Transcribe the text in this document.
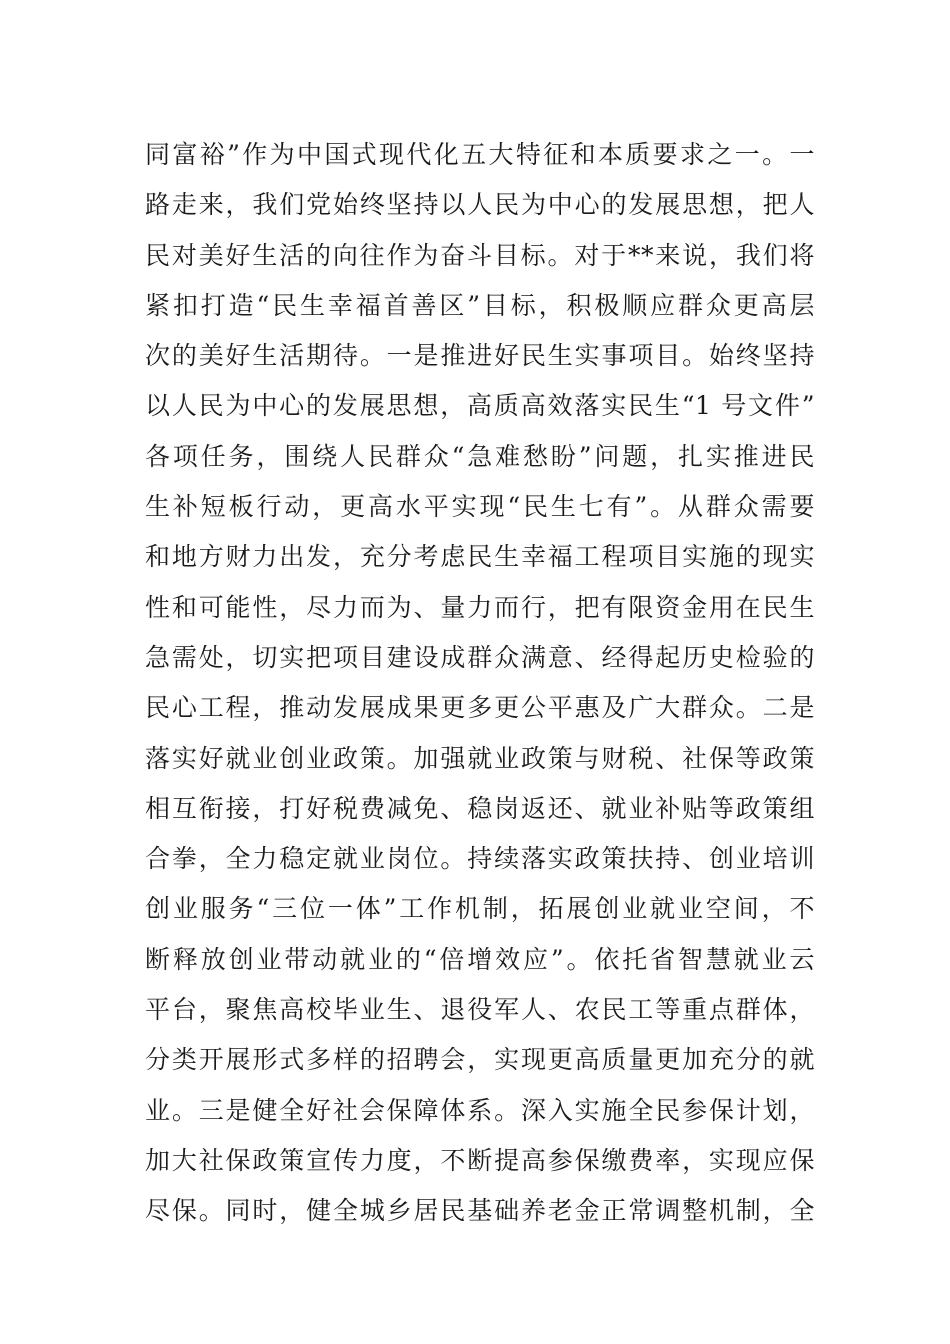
同富裕”作为中国式现代化五大特征和本质要求之一。一
路走来，我们党始终坚持以人民为中心的发展思想，把人
民对美好生活的向往作为奋斗目标。对于**来说，我们将
紧扣打造“民生幸福首善区”目标，积极顺应群众更高层
次的美好生活期待。一是推进好民生实事项目。始终坚持
以人民为中心的发展思想，高质高效落实民生“1 号文件”
各项任务，围绕人民群众“急难愁盼”问题，扎实推进民
生补短板行动，更高水平实现“民生七有”。从群众需要
和地方财力出发，充分考虑民生幸福工程项目实施的现实
性和可能性，尽力而为、量力而行，把有限资金用在民生
急需处，切实把项目建设成群众满意、经得起历史检验的
民心工程，推动发展成果更多更公平惠及广大群众。二是
落实好就业创业政策。加强就业政策与财税、社保等政策
相互衔接，打好税费减免、稳岗返还、就业补贴等政策组
合拳，全力稳定就业岗位。持续落实政策扶持、创业培训
创业服务“三位一体”工作机制，拓展创业就业空间，不
断释放创业带动就业的“倍增效应”。依托省智慧就业云
平台，聚焦高校毕业生、退役军人、农民工等重点群体，
分类开展形式多样的招聘会，实现更高质量更加充分的就
业。三是健全好社会保障体系。深入实施全民参保计划，
加大社保政策宣传力度，不断提高参保缴费率，实现应保
尽保。同时，健全城乡居民基础养老金正常调整机制，全
